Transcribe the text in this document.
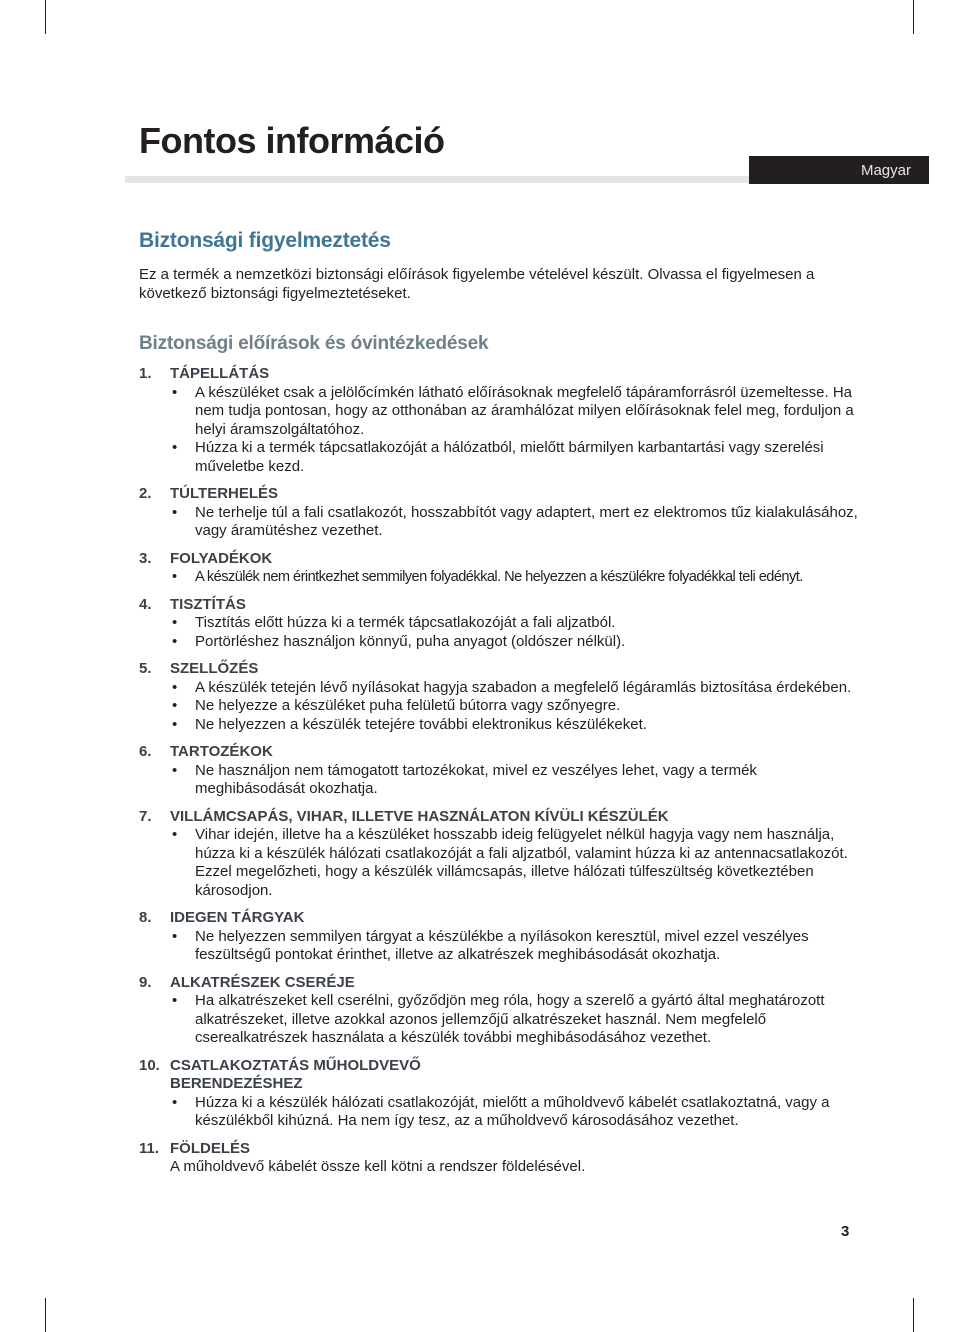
Fontos információ
Magyar
Biztonsági figyelmeztetés

Ez a termék a nemzetközi biztonsági előírások figyelembe vételével készült. Olvassa el figyelmesen a következő biztonsági figyelmeztetéseket.

Biztonsági előírások és óvintézkedések
1.	TÁPELLÁTÁS
• A készüléket csak a jelölőcímkén látható előírásoknak megfelelő tápáramforrásról üzemeltesse. Ha nem tudja pontosan, hogy az otthonában az áramhálózat milyen előírásoknak felel meg, forduljon a helyi áramszolgáltatóhoz.
• Húzza ki a termék tápcsatlakozóját a hálózatból, mielőtt bármilyen karbantartási vagy szerelési műveletbe kezd.
2.	TÚLTERHELÉS
• Ne terhelje túl a fali csatlakozót, hosszabbítót vagy adaptert, mert ez elektromos tűz kialakulásához, vagy áramütéshez vezethet.
3.	FOLYADÉKOK
• A készülék nem érintkezhet semmilyen folyadékkal. Ne helyezzen a készülékre folyadékkal teli edényt.
4.	TISZTÍTÁS
• Tisztítás előtt húzza ki a termék tápcsatlakozóját a fali aljzatból.
• Portörléshez használjon könnyű, puha anyagot (oldószer nélkül).
5.	SZELLŐZÉS
• A készülék tetején lévő nyílásokat hagyja szabadon a megfelelő légáramlás biztosítása érdekében.
• Ne helyezze a készüléket puha felületű bútorra vagy szőnyegre.
• Ne helyezzen a készülék tetejére további elektronikus készülékeket.
6.	TARTOZÉKOK
• Ne használjon nem támogatott tartozékokat, mivel ez veszélyes lehet, vagy a termék meghibásodását okozhatja.
7.	VILLÁMCSAPÁS, VIHAR, ILLETVE HASZNÁLATON KÍVÜLI KÉSZÜLÉK
• Vihar idején, illetve ha a készüléket hosszabb ideig felügyelet nélkül hagyja vagy nem használja, húzza ki a készülék hálózati csatlakozóját a fali aljzatból, valamint húzza ki az antennacsatlakozót. Ezzel megelőzheti, hogy a készülék villámcsapás, illetve hálózati túlfeszültség következtében károsodjon.
8.	IDEGEN TÁRGYAK
• Ne helyezzen semmilyen tárgyat a készülékbe a nyílásokon keresztül, mivel ezzel veszélyes feszültségű pontokat érinthet, illetve az alkatrészek meghibásodását okozhatja.
9.	ALKATRÉSZEK CSERÉJE
• Ha alkatrészeket kell cserélni, győződjön meg róla, hogy a szerelő a gyártó által meghatározott alkatrészeket, illetve azokkal azonos jellemzőjű alkatrészeket használ. Nem megfelelő cserealkatrészek használata a készülék további meghibásodásához vezethet.
10. CSATLAKOZTATÁS MŰHOLDVEVŐ BERENDEZÉSHEZ
• Húzza ki a készülék hálózati csatlakozóját, mielőtt a műholdvevő kábelét csatlakoztatná, vagy a készülékből kihúzná. Ha nem így tesz, az a műholdvevő károsodásához vezethet.
11. FÖLDELÉS
A műholdvevő kábelét össze kell kötni a rendszer földelésével.
3
